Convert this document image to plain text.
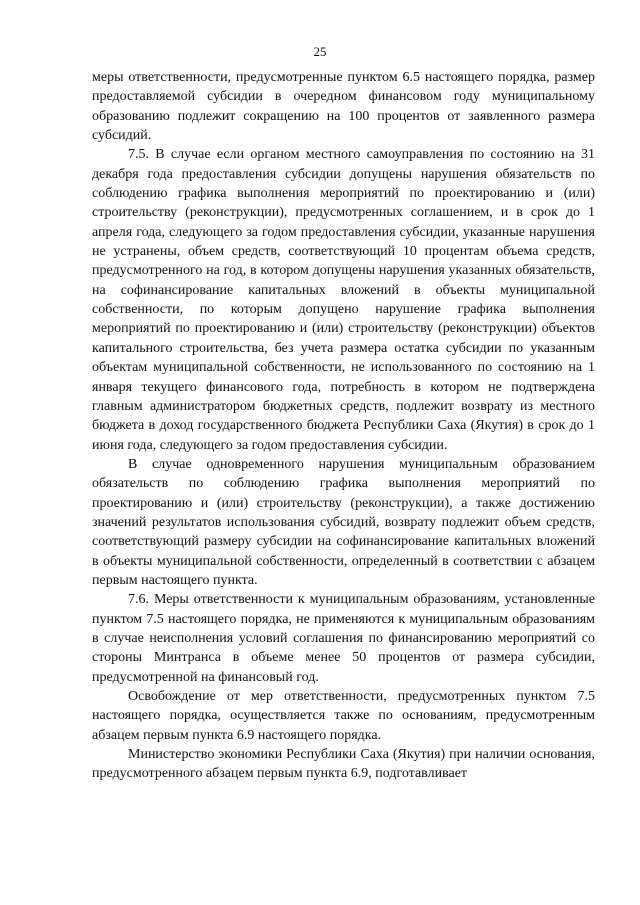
25

меры ответственности, предусмотренные пунктом 6.5 настоящего порядка, размер предоставляемой субсидии в очередном финансовом году муниципальному образованию подлежит сокращению на 100 процентов от заявленного размера субсидий.

7.5. В случае если органом местного самоуправления по состоянию на 31 декабря года предоставления субсидии допущены нарушения обязательств по соблюдению графика выполнения мероприятий по проектированию и (или) строительству (реконструкции), предусмотренных соглашением, и в срок до 1 апреля года, следующего за годом предоставления субсидии, указанные нарушения не устранены, объем средств, соответствующий 10 процентам объема средств, предусмотренного на год, в котором допущены нарушения указанных обязательств, на софинансирование капитальных вложений в объекты муниципальной собственности, по которым допущено нарушение графика выполнения мероприятий по проектированию и (или) строительству (реконструкции) объектов капитального строительства, без учета размера остатка субсидии по указанным объектам муниципальной собственности, не использованного по состоянию на 1 января текущего финансового года, потребность в котором не подтверждена главным администратором бюджетных средств, подлежит возврату из местного бюджета в доход государственного бюджета Республики Саха (Якутия) в срок до 1 июня года, следующего за годом предоставления субсидии.

В случае одновременного нарушения муниципальным образованием обязательств по соблюдению графика выполнения мероприятий по проектированию и (или) строительству (реконструкции), а также достижению значений результатов использования субсидий, возврату подлежит объем средств, соответствующий размеру субсидии на софинансирование капитальных вложений в объекты муниципальной собственности, определенный в соответствии с абзацем первым настоящего пункта.

7.6. Меры ответственности к муниципальным образованиям, установленные пунктом 7.5 настоящего порядка, не применяются к муниципальным образованиям в случае неисполнения условий соглашения по финансированию мероприятий со стороны Минтранса в объеме менее 50 процентов от размера субсидии, предусмотренной на финансовый год.

Освобождение от мер ответственности, предусмотренных пунктом 7.5 настоящего порядка, осуществляется также по основаниям, предусмотренным абзацем первым пункта 6.9 настоящего порядка.

Министерство экономики Республики Саха (Якутия) при наличии основания, предусмотренного абзацем первым пункта 6.9, подготавливает
